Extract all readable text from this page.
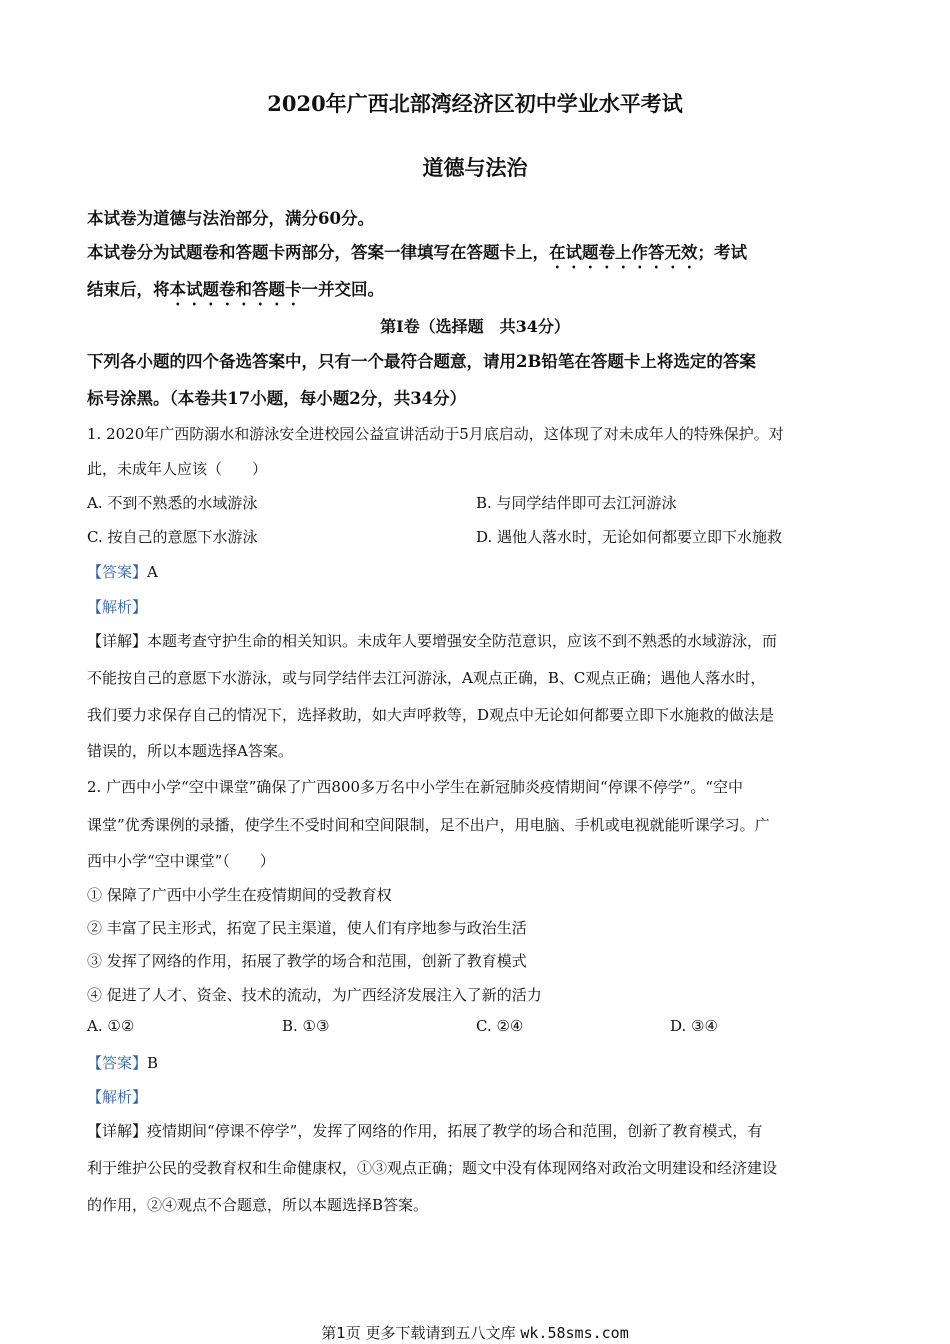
2020年广西北部湾经济区初中学业水平考试
道德与法治
本试卷为道德与法治部分，满分60分。
本试卷分为试题卷和答题卡两部分，答案一律填写在答题卡上，在试题卷上作答无效；考试
结束后，将本试题卷和答题卡一并交回。
第Ⅰ卷（选择题　共34分）
下列各小题的四个备选答案中，只有一个最符合题意，请用2B铅笔在答题卡上将选定的答案
标号涂黑。（本卷共17小题，每小题2分，共34分）
1. 2020年广西防溺水和游泳安全进校园公益宣讲活动于5月底启动，这体现了对未成年人的特殊保护。对
此，未成年人应该（　　）
A. 不到不熟悉的水域游泳	B. 与同学结伴即可去江河游泳
C. 按自己的意愿下水游泳	D. 遇他人落水时，无论如何都要立即下水施救
【答案】A
【解析】
【详解】本题考查守护生命的相关知识。未成年人要增强安全防范意识，应该不到不熟悉的水域游泳，而
不能按自己的意愿下水游泳，或与同学结伴去江河游泳，A观点正确，B、C观点正确；遇他人落水时，
我们要力求保存自己的情况下，选择救助，如大声呼救等，D观点中无论如何都要立即下水施救的做法是
错误的，所以本题选择A答案。
2. 广西中小学“空中课堂”确保了广西800多万名中小学生在新冠肺炎疫情期间“停课不停学”。“空中
课堂”优秀课例的录播，使学生不受时间和空间限制，足不出户，用电脑、手机或电视就能听课学习。广
西中小学“空中课堂”（　　）
① 保障了广西中小学生在疫情期间的受教育权
② 丰富了民主形式，拓宽了民主渠道，使人们有序地参与政治生活
③ 发挥了网络的作用，拓展了教学的场合和范围，创新了教育模式
④ 促进了人才、资金、技术的流动，为广西经济发展注入了新的活力
A. ①②	B. ①③	C. ②④	D. ③④
【答案】B
【解析】
【详解】疫情期间“停课不停学”，发挥了网络的作用，拓展了教学的场合和范围，创新了教育模式，有
利于维护公民的受教育权和生命健康权，①③观点正确；题文中没有体现网络对政治文明建设和经济建设
的作用，②④观点不合题意，所以本题选择B答案。
第1页 更多下载请到五八文库 wk.58sms.com
